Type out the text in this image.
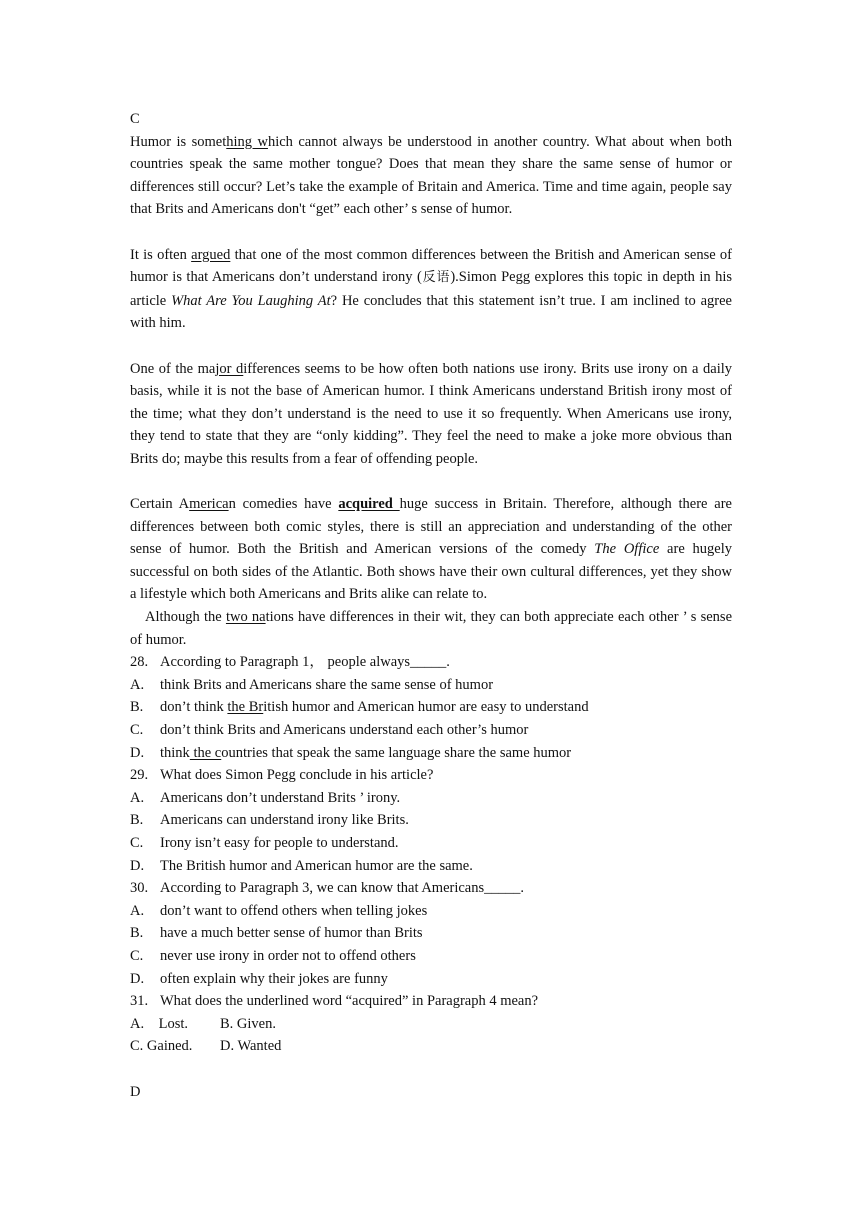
C

Humor is something which cannot always be understood in another country. What about when both countries speak the same mother tongue? Does that mean they share the same sense of humor or differences still occur? Let’s take the example of Britain and America. Time and time again, people say that Brits and Americans don't “get” each other’ s sense of humor.

It is often argued that one of the most common differences between the British and American sense of humor is that Americans don’t understand irony (反语).Simon Pegg explores this topic in depth in his article What Are You Laughing At? He concludes that this statement isn’t true. I am inclined to agree with him.

One of the major differences seems to be how often both nations use irony. Brits use irony on a daily basis, while it is not the base of American humor. I think Americans understand British irony most of the time; what they don’t understand is the need to use it so frequently. When Americans use irony, they tend to state that they are “only kidding”. They feel the need to make a joke more obvious than Brits do; maybe this results from a fear of offending people.

Certain American comedies have acquired huge success in Britain. Therefore, although there are differences between both comic styles, there is still an appreciation and understanding of the other sense of humor. Both the British and American versions of the comedy The Office are hugely successful on both sides of the Atlantic. Both shows have their own cultural differences, yet they show a lifestyle which both Americans and Brits alike can relate to.

Although the two nations have differences in their wit, they can both appreciate each other ’ s sense of humor.

28. According to Paragraph 1， people always_____.
A.	think Brits and Americans share the same sense of humor
B.	don’t think the British humor and American humor are easy to understand
C.	don’t think Brits and Americans understand each other’s humor
D.	think the countries that speak the same language share the same humor
29. What does Simon Pegg conclude in his article?
A.	Americans don’t understand Brits ’ irony.
B.	Americans can understand irony like Brits.
C.	Irony isn’t easy for people to understand.
D.	The British humor and American humor are the same.
30. According to Paragraph 3, we can know that Americans_____.
A.	don’t want to offend others when telling jokes
B.	have a much better sense of humor than Brits
C.	never use irony in order not to offend others
D.	often explain why their jokes are funny
31. What does the underlined word “acquired” in Paragraph 4 mean?
A.    Lost.	B. Given.
C. Gained.	D. Wanted
D
